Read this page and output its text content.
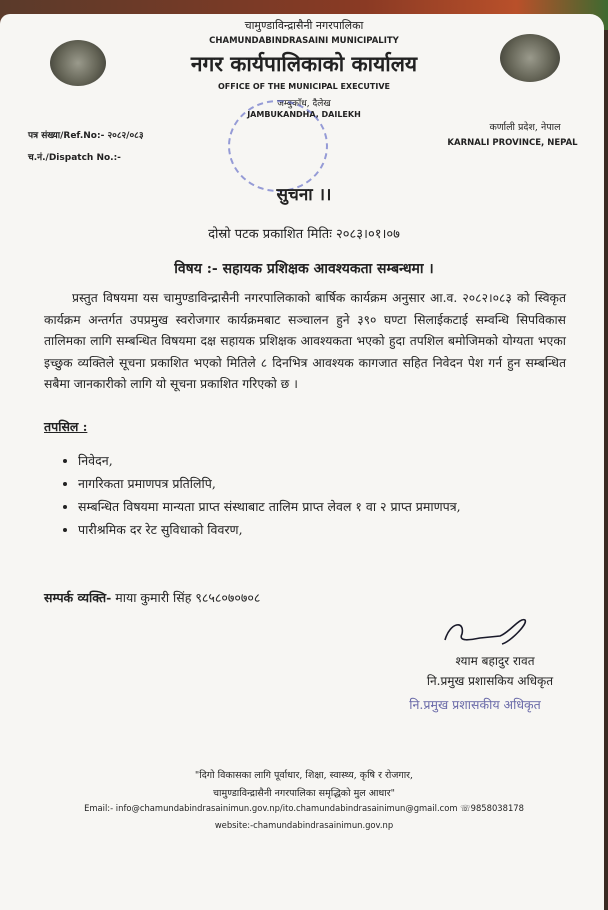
चामुण्डाविन्द्रासैनी नगरपालिका
CHAMUNDABINDRASAINI MUNICIPALITY
नगर कार्यपालिकाको कार्यालय
OFFICE OF THE MUNICIPAL EXECUTIVE
जम्बुकाँध, दैलेख
JAMBUKANDHA, DAILEKH
पत्र संख्या/Ref.No:- २०८२/०८३
च.नं./Dispatch No.:-
कर्णाली प्रदेश, नेपाल
KARNALI PROVINCE, NEPAL
सुचना ।।
दोस्रो पटक प्रकाशित मितिः २०८३।०१।०७
विषय :- सहायक प्रशिक्षक आवश्यकता सम्बन्धमा ।
प्रस्तुत विषयमा यस चामुण्डाविन्द्रासैनी नगरपालिकाको बार्षिक कार्यक्रम अनुसार आ.व. २०८२।०८३ को स्विकृत कार्यक्रम अन्तर्गत उपप्रमुख स्वरोजगार कार्यक्रमबाट सञ्चालन हुने ३९० घण्टा सिलाईकटाई सम्वन्धि सिपविकास तालिमका लागि सम्बन्धित विषयमा दक्ष सहायक प्रशिक्षक आवश्यकता भएको हुदा तपशिल बमोजिमको योग्यता भएका इच्छुक व्यक्तिले सूचना प्रकाशित भएको मितिले ८ दिनभित्र आवश्यक कागजात सहित निवेदन पेश गर्न हुन सम्बन्धित सबैमा जानकारीको लागि यो सूचना प्रकाशित गरिएको छ ।
तपसिल :
• निवेदन,
• नागरिकता प्रमाणपत्र प्रतिलिपि,
• सम्बन्धित विषयमा मान्यता प्राप्त संस्थाबाट तालिम प्राप्त लेवल १ वा २ प्राप्त प्रमाणपत्र,
• पारीश्रमिक दर रेट सुविधाको विवरण,
सम्पर्क व्यक्ति- माया कुमारी सिंह ९८५८०७०७०८
श्याम बहादुर रावत
नि.प्रमुख प्रशासकिय अधिकृत
नि.प्रमुख प्रशासकीय अधिकृत
"दिगो विकासका लागि पूर्वाधार, शिक्षा, स्वास्थ्य, कृषि र रोजगार,
चामुण्डाविन्द्रासैनी नगरपालिका समृद्धिको मुल आधार"
Email:- info@chamundabindrasainimun.gov.np/ito.chamundabindrasainimun@gmail.com ☏9858038178
website:-chamundabindrasainimun.gov.np
